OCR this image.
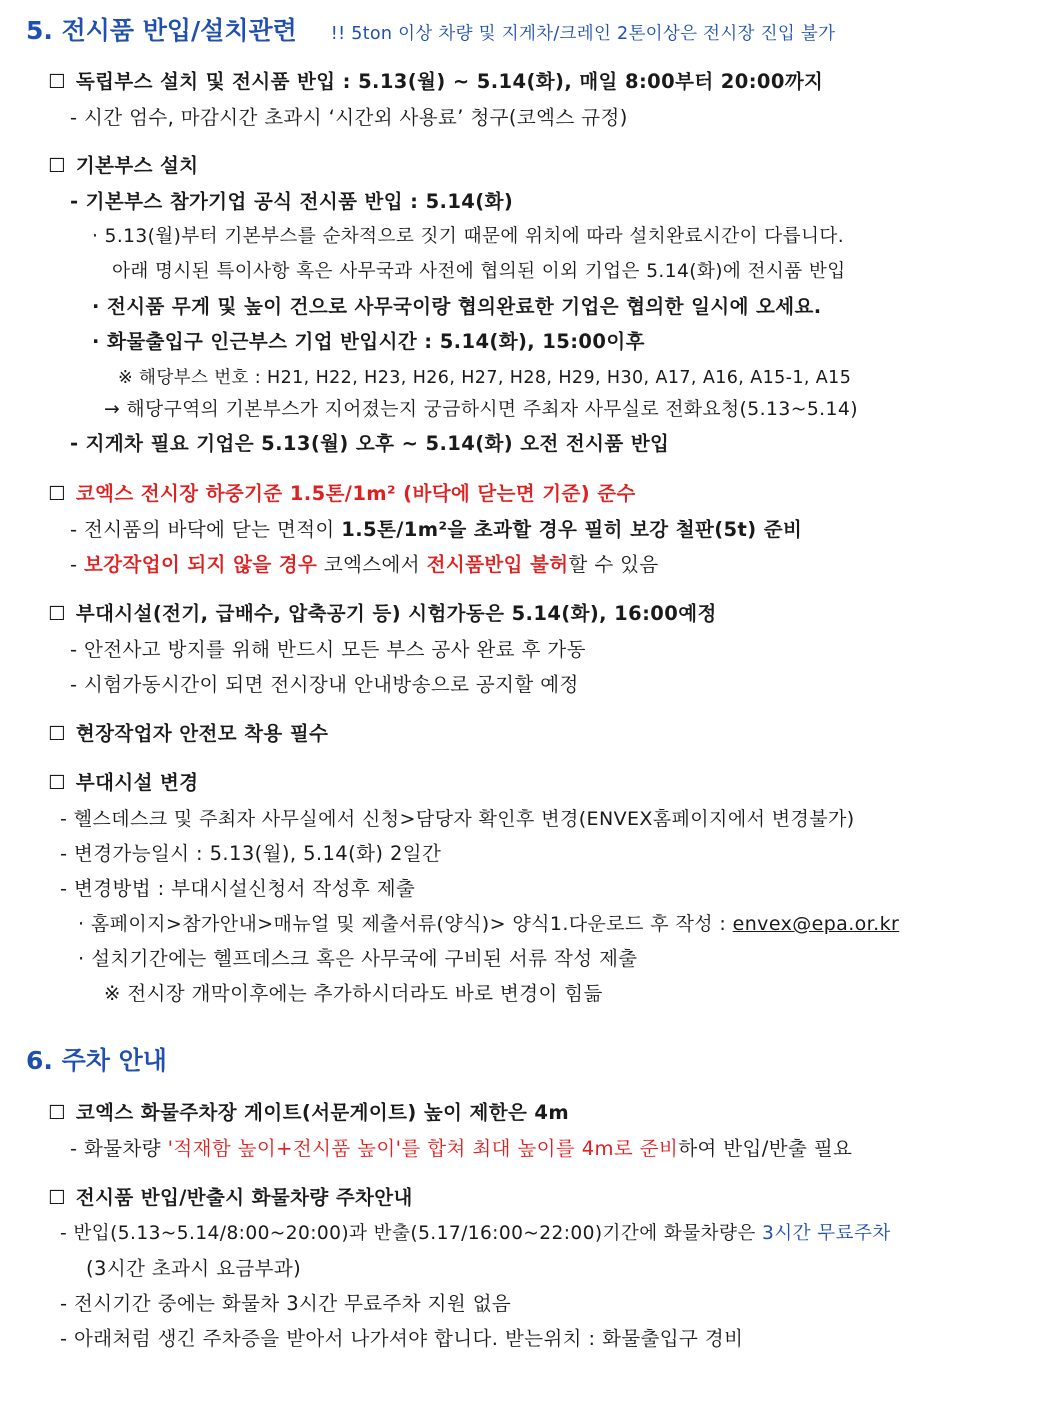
5. 전시품 반입/설치관련 !! 5ton 이상 차량 및 지게차/크레인 2톤이상은 전시장 진입 불가
☐ 독립부스 설치 및 전시품 반입 : 5.13(월) ~ 5.14(화), 매일 8:00부터 20:00까지
- 시간 엄수, 마감시간 초과시 ‘시간외 사용료’ 청구(코엑스 규정)
☐ 기본부스 설치
- 기본부스 참가기업 공식 전시품 반입 : 5.14(화)
· 5.13(월)부터 기본부스를 순차적으로 짓기 때문에 위치에 따라 설치완료시간이 다릅니다.
아래 명시된 특이사항 혹은 사무국과 사전에 협의된 이외 기업은 5.14(화)에 전시품 반입
· 전시품 무게 및 높이 건으로 사무국이랑 협의완료한 기업은 협의한 일시에 오세요.
· 화물출입구 인근부스 기업 반입시간 : 5.14(화), 15:00이후
※ 해당부스 번호 : H21, H22, H23, H26, H27, H28, H29, H30, A17, A16, A15-1, A15
→ 해당구역의 기본부스가 지어졌는지 궁금하시면 주최자 사무실로 전화요청(5.13~5.14)
- 지게차 필요 기업은 5.13(월) 오후 ~ 5.14(화) 오전 전시품 반입
☐ 코엑스 전시장 하중기준 1.5톤/1m² (바닥에 닫는면 기준) 준수
- 전시품의 바닥에 닫는 면적이 1.5톤/1m²을 초과할 경우 필히 보강 철판(5t) 준비
- 보강작업이 되지 않을 경우 코엑스에서 전시품반입 불허할 수 있음
☐ 부대시설(전기, 급배수, 압축공기 등) 시험가동은 5.14(화), 16:00예정
- 안전사고 방지를 위해 반드시 모든 부스 공사 완료 후 가동
- 시험가동시간이 되면 전시장내 안내방송으로 공지할 예정
☐ 현장작업자 안전모 착용 필수
☐ 부대시설 변경
- 헬스데스크 및 주최자 사무실에서 신청>담당자 확인후 변경(ENVEX홈페이지에서 변경불가)
- 변경가능일시 : 5.13(월), 5.14(화) 2일간
- 변경방법 : 부대시설신청서 작성후 제출
· 홈페이지>참가안내>매뉴얼 및 제출서류(양식)> 양식1.다운로드 후 작성 : envex@epa.or.kr
· 설치기간에는 헬프데스크 혹은 사무국에 구비된 서류 작성 제출
※ 전시장 개막이후에는 추가하시더라도 바로 변경이 힘듦
6. 주차 안내
☐ 코엑스 화물주차장 게이트(서문게이트) 높이 제한은 4m
- 화물차량 '적재함 높이+전시품 높이'를 합쳐 최대 높이를 4m로 준비하여 반입/반출 필요
☐ 전시품 반입/반출시 화물차량 주차안내
- 반입(5.13~5.14/8:00~20:00)과 반출(5.17/16:00~22:00)기간에 화물차량은 3시간 무료주차
(3시간 초과시 요금부과)
- 전시기간 중에는 화물차 3시간 무료주차 지원 없음
- 아래처럼 생긴 주차증을 받아서 나가셔야 합니다. 받는위치 : 화물출입구 경비
